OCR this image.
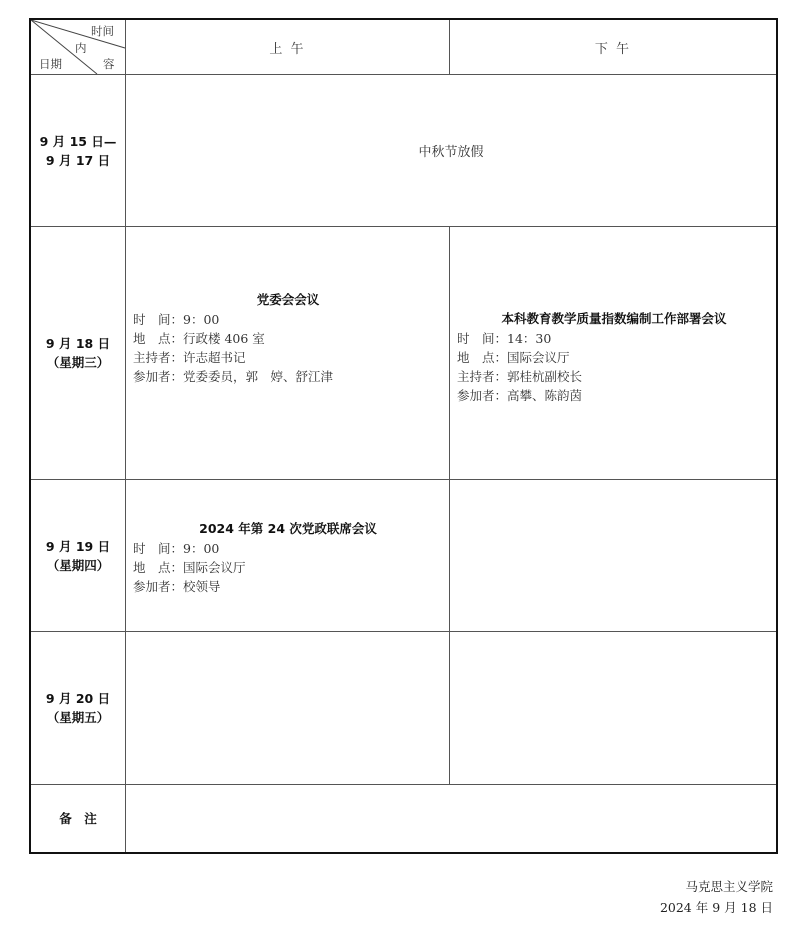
时间
内
容
日期
上 午	下 午
9 月 15 日—
9 月 17 日	中秋节放假
9 月 18 日
（星期三）
党委会会议
时　间：9：00
地　点：行政楼 406 室
主持者：许志超书记
参加者：党委委员，郭　婷、舒江津
本科教育教学质量指数编制工作部署会议
时　间：14：30
地　点：国际会议厅
主持者：郭桂杭副校长
参加者：高攀、陈韵茵
9 月 19 日
（星期四）
2024 年第 24 次党政联席会议
时　间：9：00
地　点：国际会议厅
参加者：校领导
9 月 20 日
（星期五）
备　注
马克思主义学院
2024 年 9 月 18 日
